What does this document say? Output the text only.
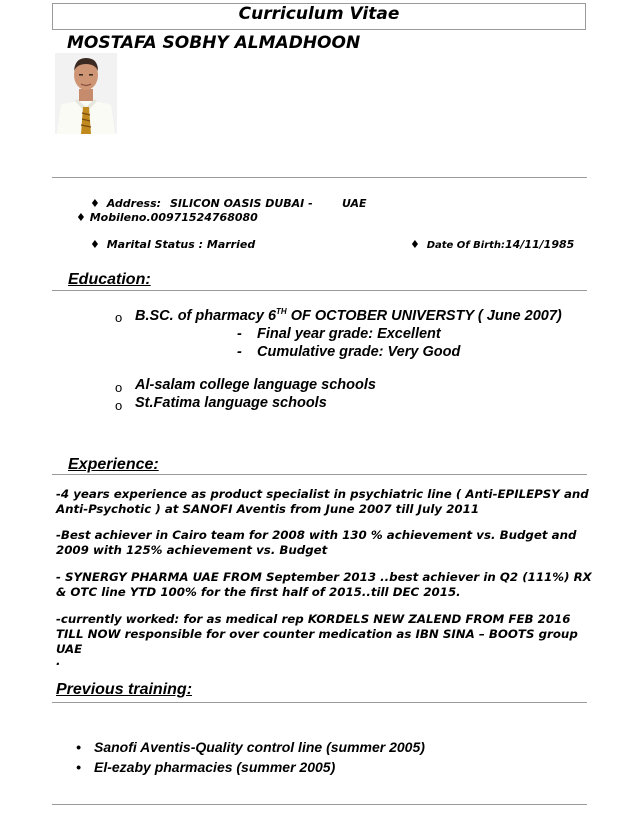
Curriculum Vitae
MOSTAFA SOBHY ALMADHOON
♦ Address: SILICON OASIS DUBAI -	UAE
♦ Mobileno.00971524768080
♦ Marital Status : Married	♦ Date Of Birth:14/11/1985
Education:
o B.SC. of pharmacy 6TH OF OCTOBER UNIVERSTY ( June 2007)
- Final year grade: Excellent
- Cumulative grade: Very Good
o Al-salam college language schools
o St.Fatima language schools
Experience:
-4 years experience as product specialist in psychiatric line ( Anti-EPILEPSY and Anti-Psychotic ) at SANOFI Aventis from June 2007 till July 2011
-Best achiever in Cairo team for 2008 with 130 % achievement vs. Budget and 2009 with 125% achievement vs. Budget
- SYNERGY PHARMA UAE FROM September 2013 ..best achiever in Q2 (111%) RX & OTC line YTD 100% for the first half of 2015..till DEC 2015.
-currently worked: for as medical rep KORDELS NEW ZALEND FROM FEB 2016 TILL NOW responsible for over counter medication as IBN SINA – BOOTS group UAE
.
Previous training:
• Sanofi Aventis-Quality control line (summer 2005)
• El-ezaby pharmacies (summer 2005)
